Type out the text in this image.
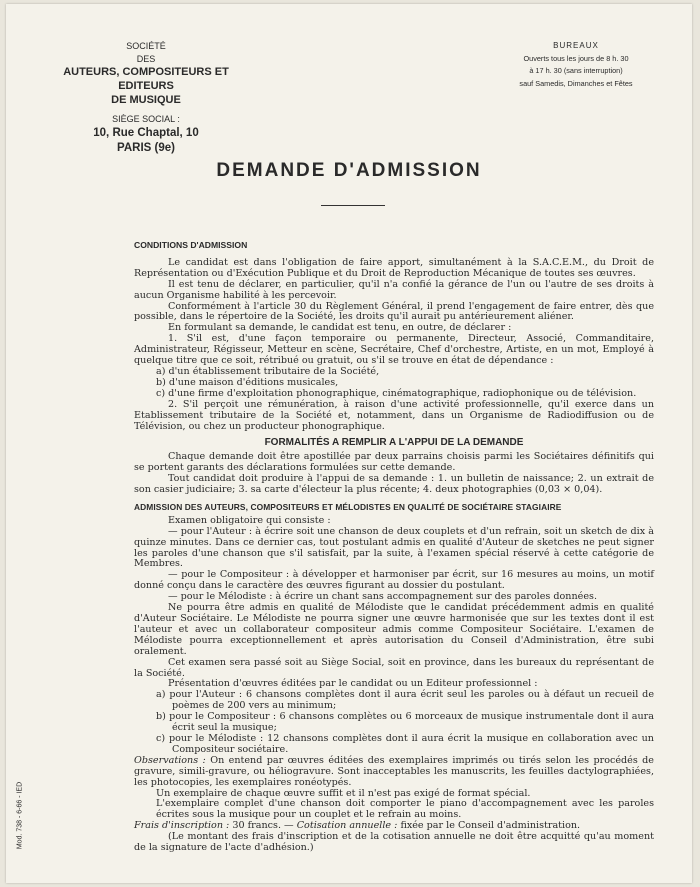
SOCIÉTÉ
DES
AUTEURS, COMPOSITEURS ET EDITEURS
DE MUSIQUE
SIÈGE SOCIAL :
10, Rue Chaptal, 10
PARIS (9e)
BUREAUX
Ouverts tous les jours de 8 h. 30
à 17 h. 30 (sans interruption)
sauf Samedis, Dimanches et Fêtes
DEMANDE D'ADMISSION
CONDITIONS D'ADMISSION

Le candidat est dans l'obligation de faire apport, simultanément à la S.A.C.E.M., du Droit de Représentation ou d'Exécution Publique et du Droit de Reproduction Mécanique de toutes ses œuvres.

Il est tenu de déclarer, en particulier, qu'il n'a confié la gérance de l'un ou l'autre de ses droits à aucun Organisme habilité à les percevoir.

Conformément à l'article 30 du Règlement Général, il prend l'engagement de faire entrer, dès que possible, dans le répertoire de la Société, les droits qu'il aurait pu antérieurement aliéner.

En formulant sa demande, le candidat est tenu, en outre, de déclarer :

1. S'il est, d'une façon temporaire ou permanente, Directeur, Associé, Commanditaire, Administrateur, Régisseur, Metteur en scène, Secrétaire, Chef d'orchestre, Artiste, en un mot, Employé à quelque titre que ce soit, rétribué ou gratuit, ou s'il se trouve en état de dépendance :

a) d'un établissement tributaire de la Société,

b) d'une maison d'éditions musicales,

c) d'une firme d'exploitation phonographique, cinématographique, radiophonique ou de télévision.

2. S'il perçoit une rémunération, à raison d'une activité professionnelle, qu'il exerce dans un Etablissement tributaire de la Société et, notamment, dans un Organisme de Radiodiffusion ou de Télévision, ou chez un producteur phonographique.

FORMALITÉS A REMPLIR A L'APPUI DE LA DEMANDE

Chaque demande doit être apostillée par deux parrains choisis parmi les Sociétaires définitifs qui se portent garants des déclarations formulées sur cette demande.

Tout candidat doit produire à l'appui de sa demande : 1. un bulletin de naissance; 2. un extrait de son casier judiciaire; 3. sa carte d'électeur la plus récente; 4. deux photographies (0,03 × 0,04).

ADMISSION DES AUTEURS, COMPOSITEURS ET MÉLODISTES EN QUALITÉ DE SOCIÉTAIRE STAGIAIRE

Examen obligatoire qui consiste :

— pour l'Auteur : à écrire soit une chanson de deux couplets et d'un refrain, soit un sketch de dix à quinze minutes. Dans ce dernier cas, tout postulant admis en qualité d'Auteur de sketches ne peut signer les paroles d'une chanson que s'il satisfait, par la suite, à l'examen spécial réservé à cette catégorie de Membres.

— pour le Compositeur : à développer et harmoniser par écrit, sur 16 mesures au moins, un motif donné conçu dans le caractère des œuvres figurant au dossier du postulant.

— pour le Mélodiste : à écrire un chant sans accompagnement sur des paroles données.

Ne pourra être admis en qualité de Mélodiste que le candidat précédemment admis en qualité d'Auteur Sociétaire. Le Mélodiste ne pourra signer une œuvre harmonisée que sur les textes dont il est l'auteur et avec un collaborateur compositeur admis comme Compositeur Sociétaire. L'examen de Mélodiste pourra exceptionnellement et après autorisation du Conseil d'Administration, être subi oralement.

Cet examen sera passé soit au Siège Social, soit en province, dans les bureaux du représentant de la Société.

Présentation d'œuvres éditées par le candidat ou un Editeur professionnel :

a) pour l'Auteur : 6 chansons complètes dont il aura écrit seul les paroles ou à défaut un recueil de poèmes de 200 vers au minimum;

b) pour le Compositeur : 6 chansons complètes ou 6 morceaux de musique instrumentale dont il aura écrit seul la musique;

c) pour le Mélodiste : 12 chansons complètes dont il aura écrit la musique en collaboration avec un Compositeur sociétaire.

Observations : On entend par œuvres éditées des exemplaires imprimés ou tirés selon les procédés de gravure, simili-gravure, ou héliogravure. Sont inacceptables les manuscrits, les feuilles dactylographiées, les photocopies, les exemplaires ronéotypés.

Un exemplaire de chaque œuvre suffit et il n'est pas exigé de format spécial.

L'exemplaire complet d'une chanson doit comporter le piano d'accompagnement avec les paroles écrites sous la musique pour un couplet et le refrain au moins.

Frais d'inscription : 30 francs. — Cotisation annuelle : fixée par le Conseil d'administration.

(Le montant des frais d'inscription et de la cotisation annuelle ne doit être acquitté qu'au moment de la signature de l'acte d'adhésion.)

Mod. 738 - 6-66 - IED
